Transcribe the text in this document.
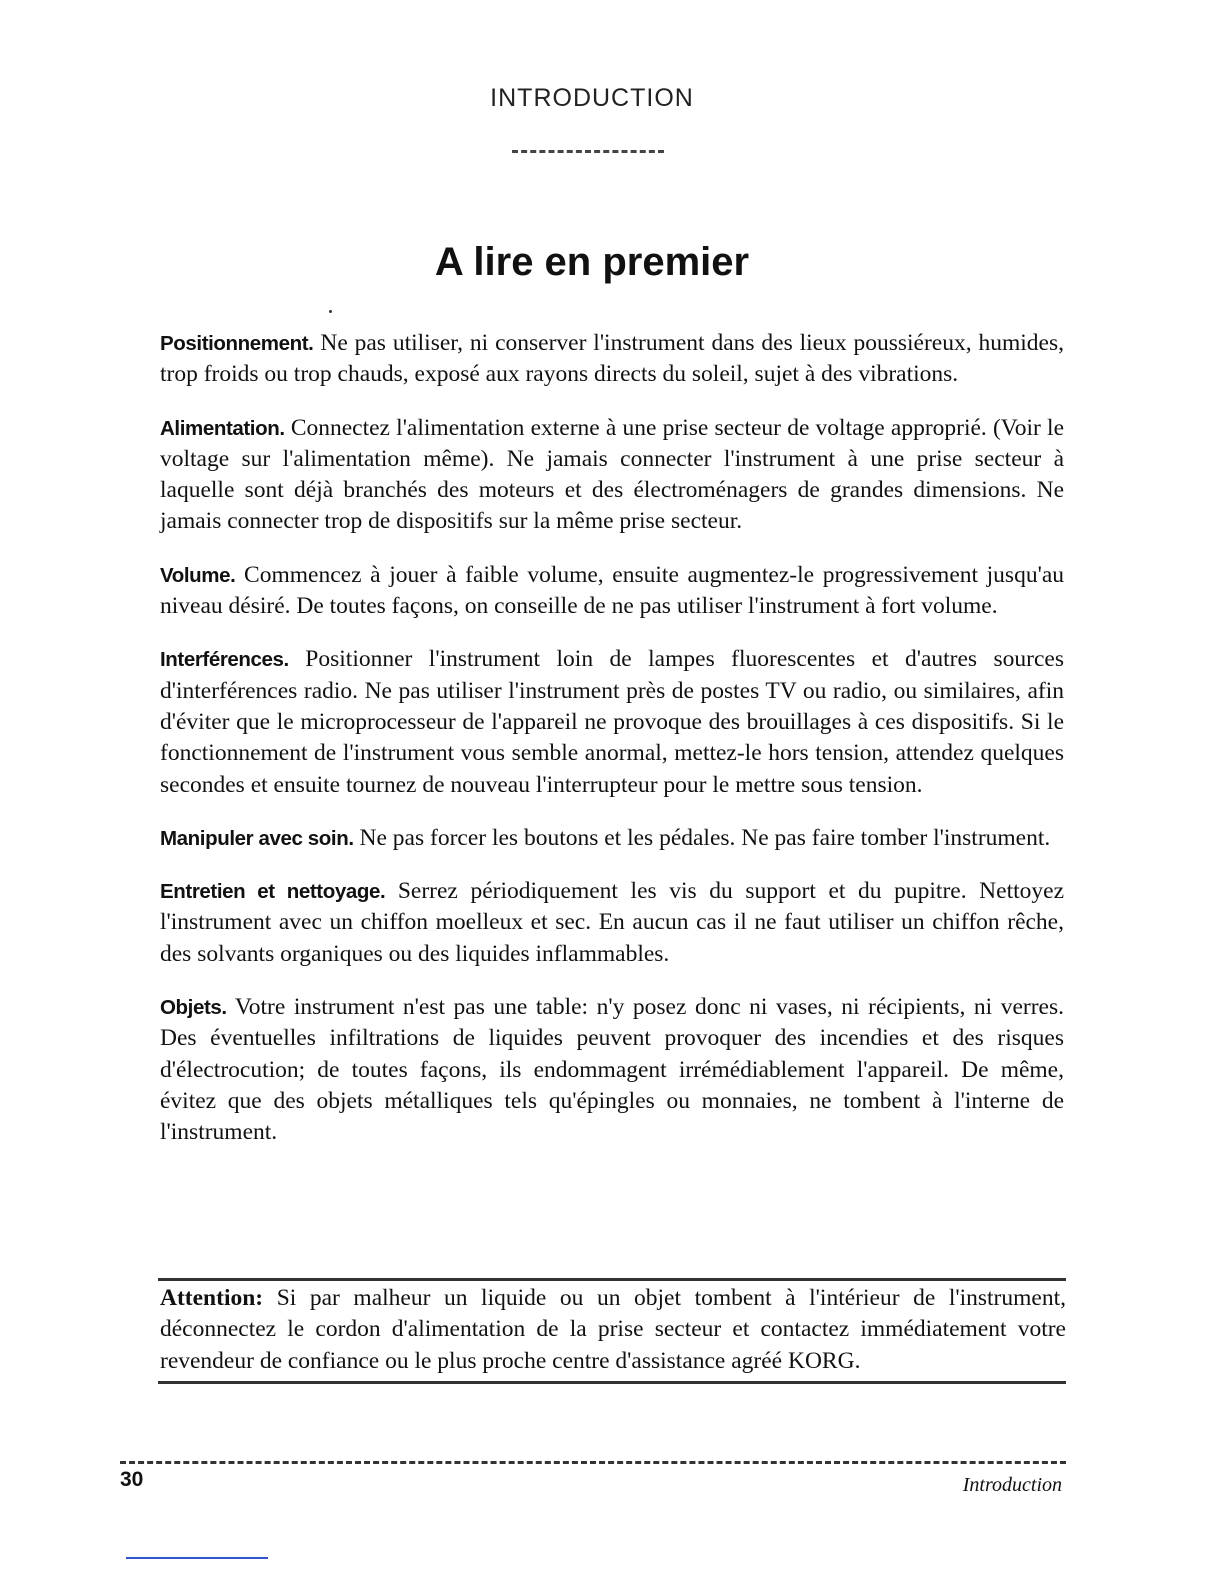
INTRODUCTION
A lire en premier

Positionnement. Ne pas utiliser, ni conserver l'instrument dans des lieux poussiéreux, humides, trop froids ou trop chauds, exposé aux rayons directs du soleil, sujet à des vibrations.

Alimentation. Connectez l'alimentation externe à une prise secteur de voltage approprié. (Voir le voltage sur l'alimentation même). Ne jamais connecter l'instrument à une prise secteur à laquelle sont déjà branchés des moteurs et des électroménagers de grandes dimensions. Ne jamais connecter trop de dispositifs sur la même prise secteur.

Volume. Commencez à jouer à faible volume, ensuite augmentez-le progressivement jusqu'au niveau désiré. De toutes façons, on conseille de ne pas utiliser l'instrument à fort volume.

Interférences. Positionner l'instrument loin de lampes fluorescentes et d'autres sources d'interférences radio. Ne pas utiliser l'instrument près de postes TV ou radio, ou similaires, afin d'éviter que le microprocesseur de l'appareil ne provoque des brouillages à ces dispositifs. Si le fonctionnement de l'instrument vous semble anormal, mettez-le hors tension, attendez quelques secondes et ensuite tournez de nouveau l'interrupteur pour le mettre sous tension.

Manipuler avec soin. Ne pas forcer les boutons et les pédales. Ne pas faire tomber l'instrument.

Entretien et nettoyage. Serrez périodiquement les vis du support et du pupitre. Nettoyez l'instrument avec un chiffon moelleux et sec. En aucun cas il ne faut utiliser un chiffon rêche, des solvants organiques ou des liquides inflammables.

Objets. Votre instrument n'est pas une table: n'y posez donc ni vases, ni récipients, ni verres. Des éventuelles infiltrations de liquides peuvent provoquer des incendies et des risques d'électrocution; de toutes façons, ils endommagent irrémédiablement l'appareil. De même, évitez que des objets métalliques tels qu'épingles ou monnaies, ne tombent à l'interne de l'instrument.

Attention: Si par malheur un liquide ou un objet tombent à l'intérieur de l'instrument, déconnectez le cordon d'alimentation de la prise secteur et contactez immédiatement votre revendeur de confiance ou le plus proche centre d'assistance agréé KORG.

30	Introduction
